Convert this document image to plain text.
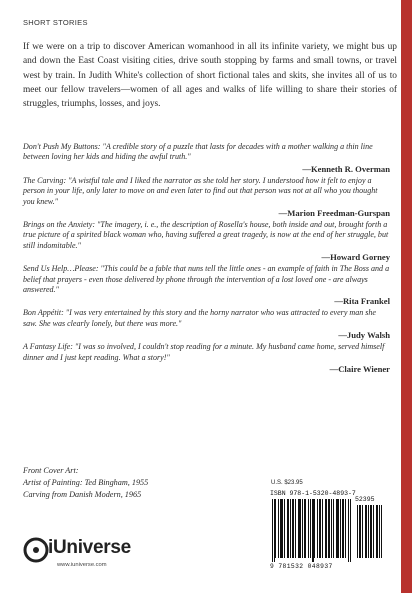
SHORT STORIES
If we were on a trip to discover American womanhood in all its infinite variety, we might bus up and down the East Coast visiting cities, drive south stopping by farms and small towns, or travel west by train. In Judith White's collection of short fictional tales and skits, she invites all of us to meet our fellow travelers—women of all ages and walks of life willing to share their stories of struggles, triumphs, losses, and joys.
Don't Push My Buttons: "A credible story of a puzzle that lasts for decades with a mother walking a thin line between loving her kids and hiding the awful truth."
—Kenneth R. Overman
The Carving: "A wistful tale and I liked the narrator as she told her story. I understood how it felt to enjoy a person in your life, only later to move on and even later to find out that person was not at all who you thought you knew."
—Marion Freedman-Gurspan
Brings on the Anxiety: "The imagery, i. e., the description of Rosella's house, both inside and out, brought forth a true picture of a spirited black woman who, having suffered a great tragedy, is now at the end of her struggle, but still indomitable."
—Howard Gorney
Send Us Help…Please: "This could be a fable that nuns tell the little ones - an example of faith in The Boss and a belief that prayers - even those delivered by phone through the intervention of a lost loved one - are always answered."
—Rita Frankel
Bon Appétit: "I was very entertained by this story and the horny narrator who was attracted to every man she saw. She was clearly lonely, but there was more."
—Judy Walsh
A Fantasy Life: "I was so involved, I couldn't stop reading for a minute. My husband came home, served himself dinner and I just kept reading. What a story!"
—Claire Wiener
Front Cover Art:
Artist of Painting: Ted Bingham, 1955
Carving from Danish Modern, 1965
U.S. $23.95
ISBN 978-1-5320-4893-7
52395
9 781532 048937
iUniverse
www.iuniverse.com
